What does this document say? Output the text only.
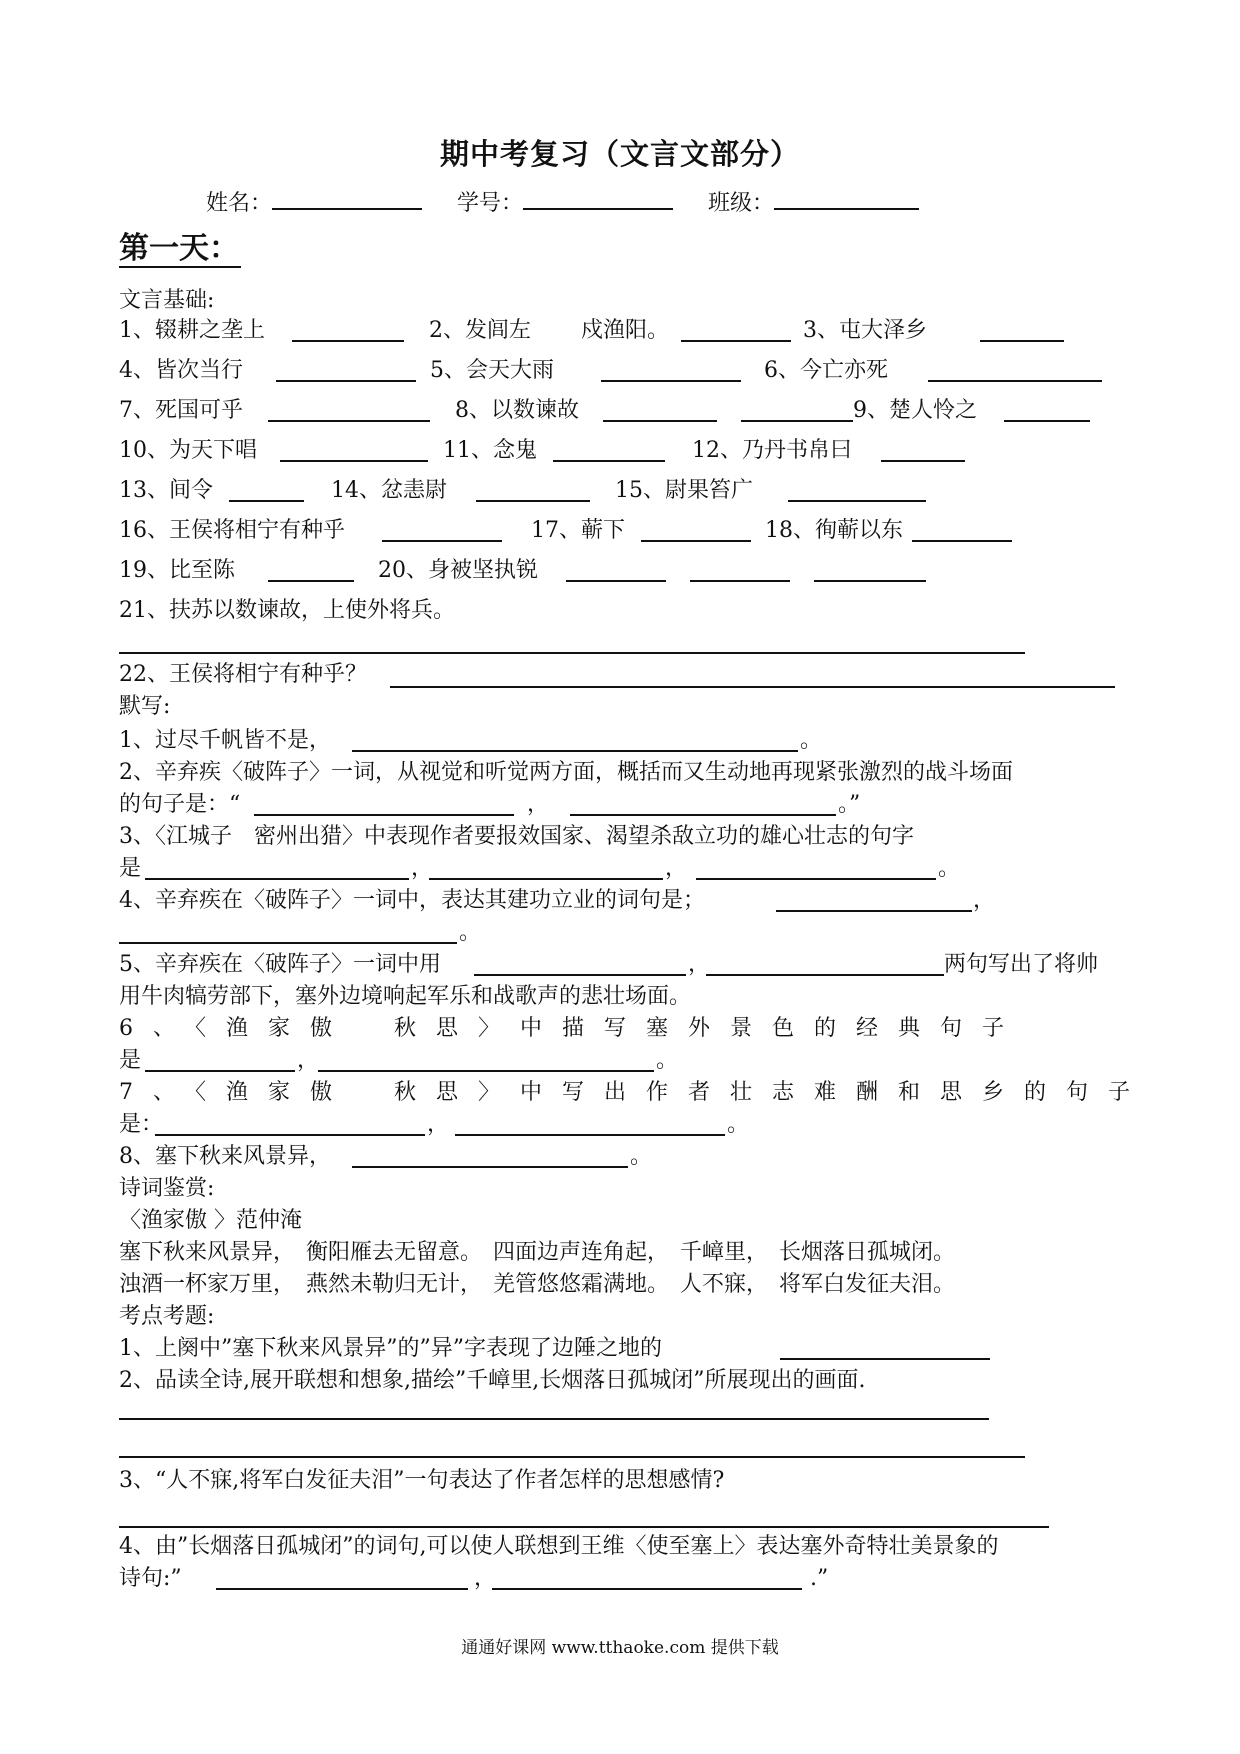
期中考复习（文言文部分）
姓名：	学号：	班级：
第一天：
文言基础:
1、辍耕之垄上	2、发闾左 戍渔阳。	3、屯大泽乡
4、皆次当行	5、会天大雨	6、今亡亦死
7、死国可乎	8、以数谏故	9、楚人怜之
10、为天下唱	11、念鬼	12、乃丹书帛曰
13、间令	14、忿恚尉	15、尉果笞广
16、王侯将相宁有种乎	17、蕲下	18、徇蕲以东
19、比至陈	20、身被坚执锐
21、扶苏以数谏故，上使外将兵。
22、王侯将相宁有种乎？
默写:
1、过尽千帆皆不是，	。
2、辛弃疾〈破阵子〉一词，从视觉和听觉两方面，概括而又生动地再现紧张激烈的战斗场面
的句子是：“	，	。”
3、〈江城子　密州出猎〉中表现作者要报效国家、渴望杀敌立功的雄心壮志的句字
是	，	，	。
4、辛弃疾在〈破阵子〉一词中，表达其建功立业的词句是；	，
。
5、辛弃疾在〈破阵子〉一词中用	，	两句写出了将帅
用牛肉犒劳部下，塞外边境响起军乐和战歌声的悲壮场面。
6、〈渔家傲　秋思〉中描写塞外景色的经典句子
是	，	。
7、〈渔家傲　秋思〉中写出作者壮志难酬和思乡的句子
是：	，	。
8、塞下秋来风景异，	。
诗词鉴赏:
〈渔家傲 〉范仲淹
塞下秋来风景异，　衡阳雁去无留意。　四面边声连角起，　千嶂里，　长烟落日孤城闭。
浊酒一杯家万里，　燕然未勒归无计，　羌管悠悠霜满地。　人不寐，　将军白发征夫泪。
考点考题:
1、上阕中”塞下秋来风景异”的”异”字表现了边陲之地的
2、品读全诗,展开联想和想象,描绘”千嶂里,长烟落日孤城闭”所展现出的画面.
3、“人不寐,将军白发征夫泪”一句表达了作者怎样的思想感情?
4、由”长烟落日孤城闭”的词句,可以使人联想到王维〈使至塞上〉表达塞外奇特壮美景象的
诗句:”	，	.”
通通好课网 www.tthaoke.com 提供下载
